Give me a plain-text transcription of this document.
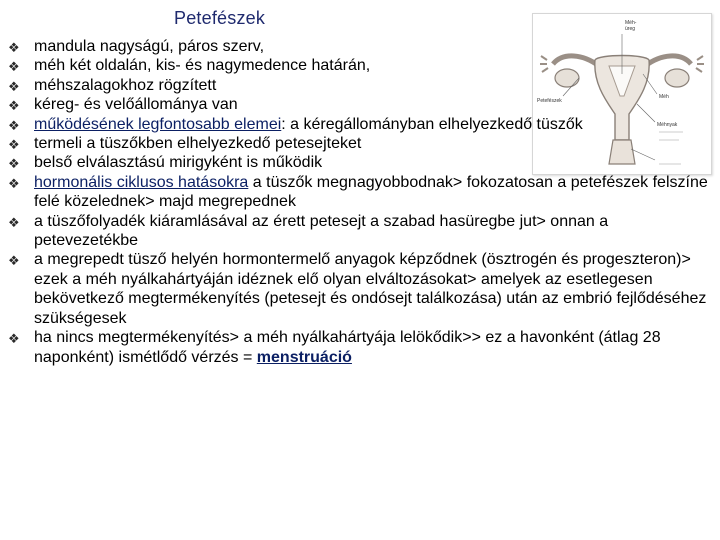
Petefészek	Méh-
üreg
Petefészek
Méh
Méhnyak
❖ mandula nagyságú, páros szerv,
❖ méh két oldalán, kis- és nagymedence határán,
❖ méhszalagokhoz rögzített
❖ kéreg- és velőállománya van
❖ működésének legfontosabb elemei: a kéregállományban elhelyezkedő tüszők
❖ termeli a tüszőkben elhelyezkedő petesejteket
❖ belső elválasztású mirigyként is működik
❖ hormonális ciklusos hatásokra a tüszők megnagyobbodnak> fokozatosan a petefészek felszíne felé közelednek> majd megrepednek
❖ a tüszőfolyadék kiáramlásával az érett petesejt a szabad hasüregbe jut> onnan a petevezetékbe
❖ a megrepedt tüsző helyén hormontermelő anyagok képződnek (ösztrogén és progeszteron)> ezek a méh nyálkahártyáján idéznek elő olyan elváltozásokat> amelyek az esetlegesen bekövetkező megtermékenyítés (petesejt és ondósejt találkozása) után az embrió fejlődéséhez szükségesek
❖ ha nincs megtermékenyítés> a méh nyálkahártyája lelökődik>> ez a havonként (átlag 28 naponként) ismétlődő vérzés = menstruáció
